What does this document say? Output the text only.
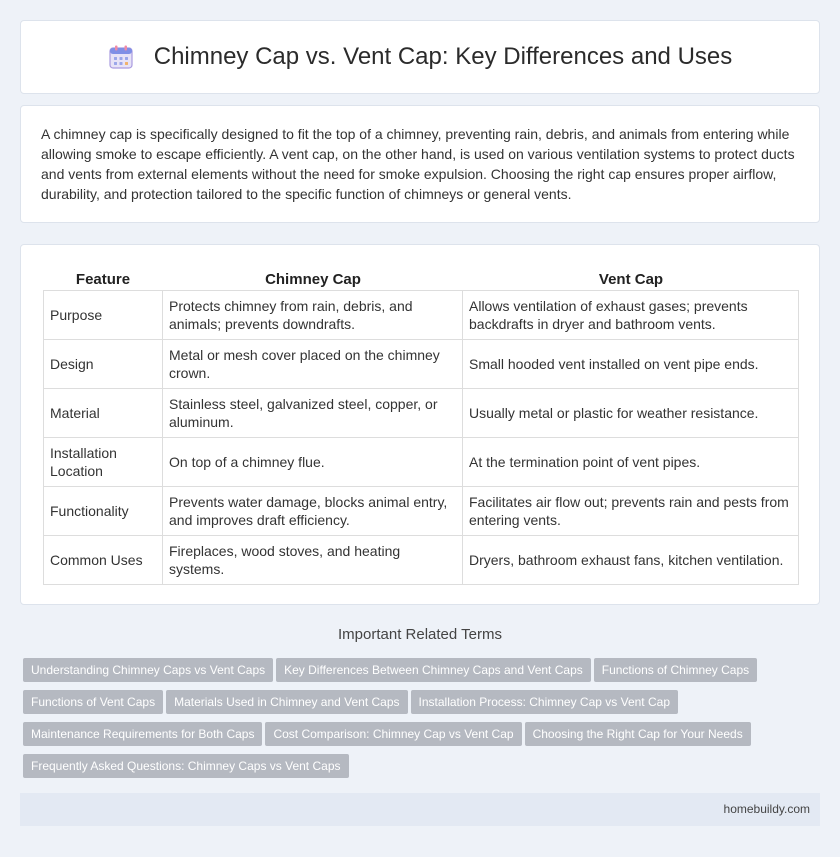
Chimney Cap vs. Vent Cap: Key Differences and Uses

A chimney cap is specifically designed to fit the top of a chimney, preventing rain, debris, and animals from entering while allowing smoke to escape efficiently. A vent cap, on the other hand, is used on various ventilation systems to protect ducts and vents from external elements without the need for smoke expulsion. Choosing the right cap ensures proper airflow, durability, and protection tailored to the specific function of chimneys or general vents.

Feature	Chimney Cap	Vent Cap
Purpose	Protects chimney from rain, debris, and animals; prevents downdrafts.	Allows ventilation of exhaust gases; prevents backdrafts in dryer and bathroom vents.
Design	Metal or mesh cover placed on the chimney crown.	Small hooded vent installed on vent pipe ends.
Material	Stainless steel, galvanized steel, copper, or aluminum.	Usually metal or plastic for weather resistance.
Installation Location	On top of a chimney flue.	At the termination point of vent pipes.
Functionality	Prevents water damage, blocks animal entry, and improves draft efficiency.	Facilitates air flow out; prevents rain and pests from entering vents.
Common Uses	Fireplaces, wood stoves, and heating systems.	Dryers, bathroom exhaust fans, kitchen ventilation.
Important Related Terms
Understanding Chimney Caps vs Vent Caps Key Differences Between Chimney Caps and Vent Caps Functions of Chimney Caps
Functions of Vent Caps Materials Used in Chimney and Vent Caps Installation Process: Chimney Cap vs Vent Cap
Maintenance Requirements for Both Caps Cost Comparison: Chimney Cap vs Vent Cap Choosing the Right Cap for Your Needs
Frequently Asked Questions: Chimney Caps vs Vent Caps
homebuildy.com
